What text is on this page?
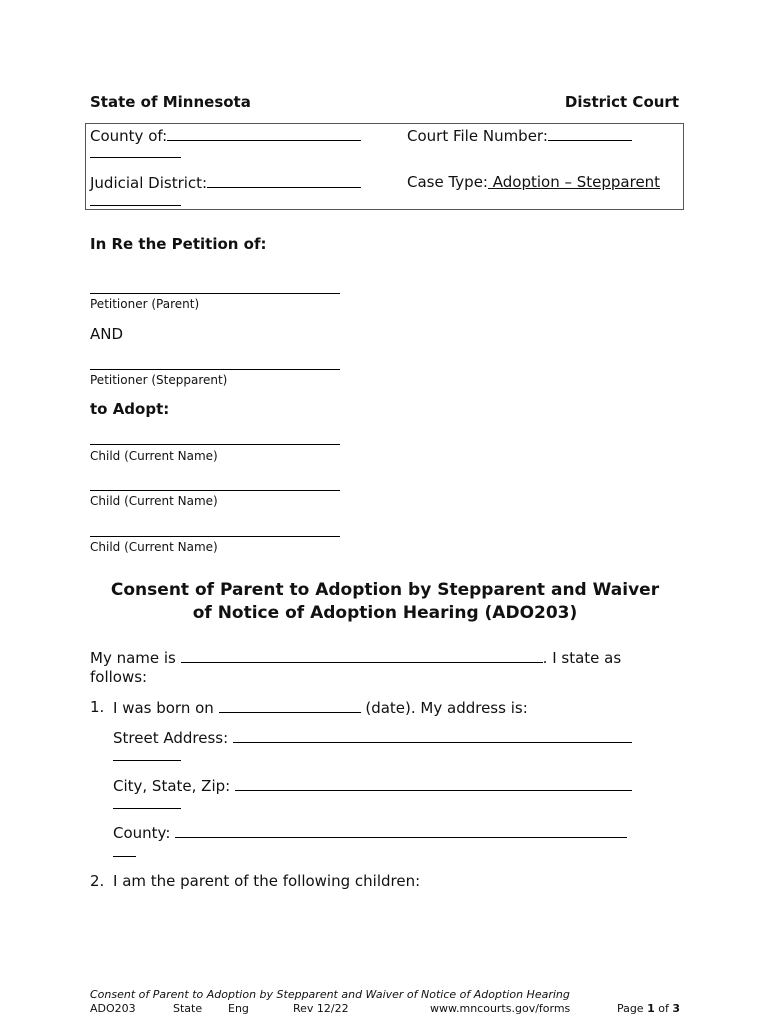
State of Minnesota	District Court
County of:	Court File Number:
Judicial District:	Case Type: Adoption – Stepparent
In Re the Petition of:
Petitioner (Parent)
AND
Petitioner (Stepparent)
to Adopt:
Child (Current Name)
Child (Current Name)
Child (Current Name)
Consent of Parent to Adoption by Stepparent and Waiver
of Notice of Adoption Hearing (ADO203)
My name is	. I state as
follows:
1. I was born on	(date). My address is:
Street Address:
City, State, Zip:
County:
2. I am the parent of the following children:
Consent of Parent to Adoption by Stepparent and Waiver of Notice of Adoption Hearing
ADO203	State Eng	Rev 12/22	www.mncourts.gov/forms	Page 1 of 3
